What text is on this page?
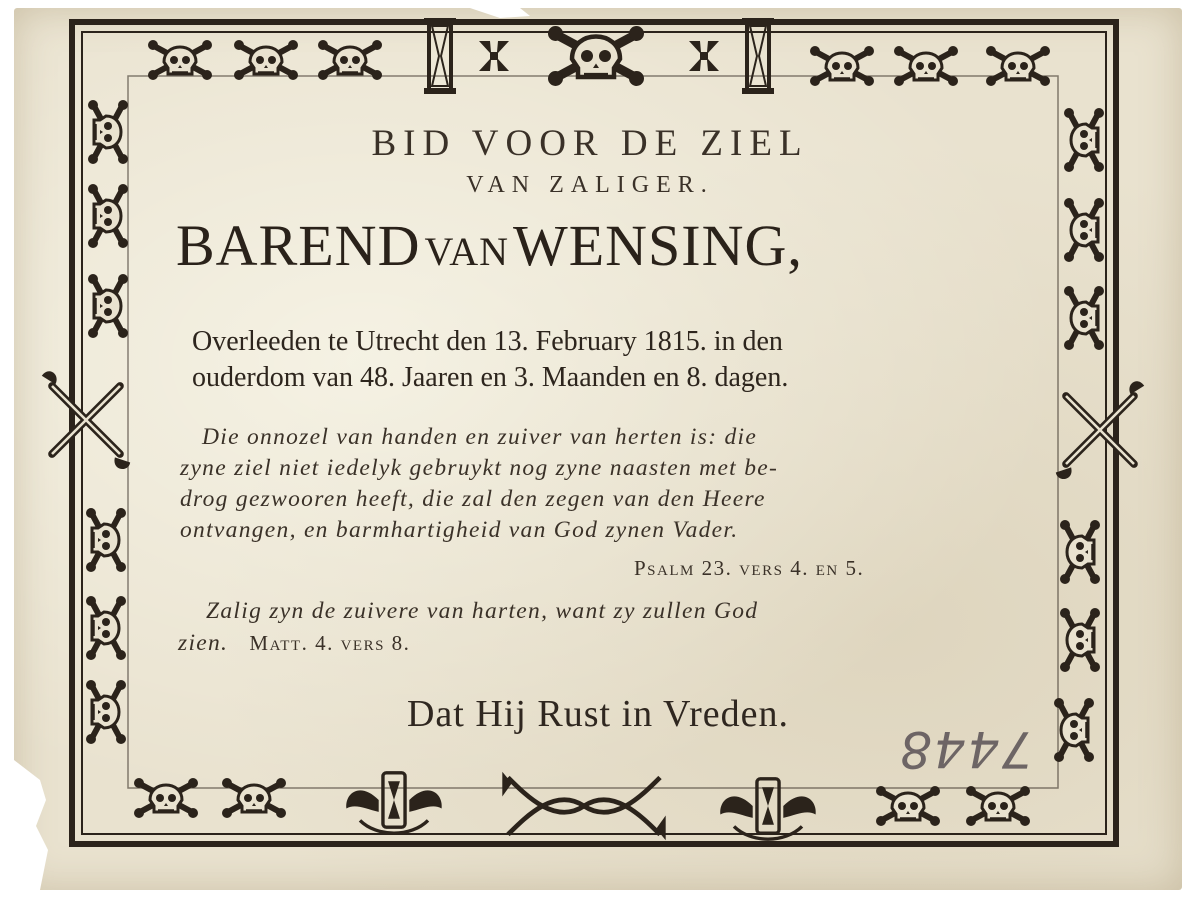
BID VOOR DE ZIEL
VAN ZALIGER.
BAREND VAN WENSING,
Overleeden te Utrecht den 13. February 1815. in den
ouderdom van 48. Jaaren en 3. Maanden en 8. dagen.
Die onnozel van handen en zuiver van herten is: die
zyne ziel niet iedelyk gebruykt nog zyne naasten met be-
drog gezwooren heeft, die zal den zegen van den Heere
ontvangen, en barmhartigheid van God zynen Vader.
Psalm 23. vers 4. en 5.
Zalig zyn de zuivere van harten, want zy zullen God
zien. Matt. 4. vers 8.
Dat Hij Rust in Vreden.
7448
